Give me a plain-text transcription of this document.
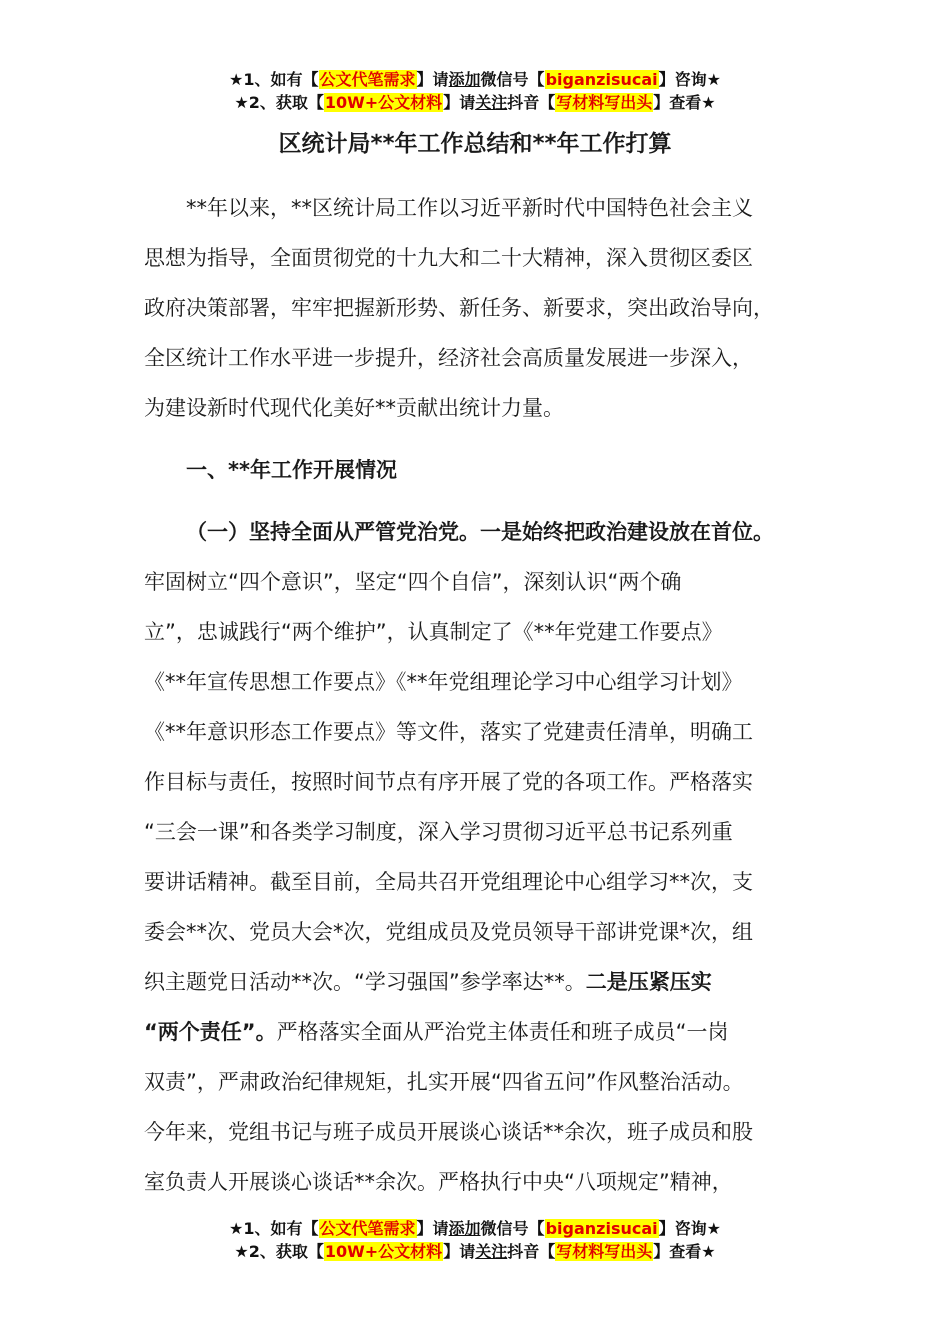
★1、如有【公文代笔需求】请添加微信号【biganzisucai】咨询★
★2、获取【10W+公文材料】请关注抖音【写材料写出头】查看★
区统计局**年工作总结和**年工作打算

**年以来，**区统计局工作以习近平新时代中国特色社会主义

思想为指导，全面贯彻党的十九大和二十大精神，深入贯彻区委区

政府决策部署，牢牢把握新形势、新任务、新要求，突出政治导向，

全区统计工作水平进一步提升，经济社会高质量发展进一步深入，

为建设新时代现代化美好**贡献出统计力量。

一、**年工作开展情况

（一）坚持全面从严管党治党。一是始终把政治建设放在首位。

牢固树立“四个意识”，坚定“四个自信”，深刻认识“两个确

立”，忠诚践行“两个维护”，认真制定了《**年党建工作要点》

《**年宣传思想工作要点》《**年党组理论学习中心组学习计划》

《**年意识形态工作要点》等文件，落实了党建责任清单，明确工

作目标与责任，按照时间节点有序开展了党的各项工作。严格落实

“三会一课”和各类学习制度，深入学习贯彻习近平总书记系列重

要讲话精神。截至目前，全局共召开党组理论中心组学习**次，支

委会**次、党员大会*次，党组成员及党员领导干部讲党课*次，组

织主题党日活动**次。“学习强国”参学率达**。二是压紧压实

“两个责任”。严格落实全面从严治党主体责任和班子成员“一岗

双责”，严肃政治纪律规矩，扎实开展“四省五问”作风整治活动。

今年来，党组书记与班子成员开展谈心谈话**余次，班子成员和股

室负责人开展谈心谈话**余次。严格执行中央“八项规定”精神，

★1、如有【公文代笔需求】请添加微信号【biganzisucai】咨询★
★2、获取【10W+公文材料】请关注抖音【写材料写出头】查看★
